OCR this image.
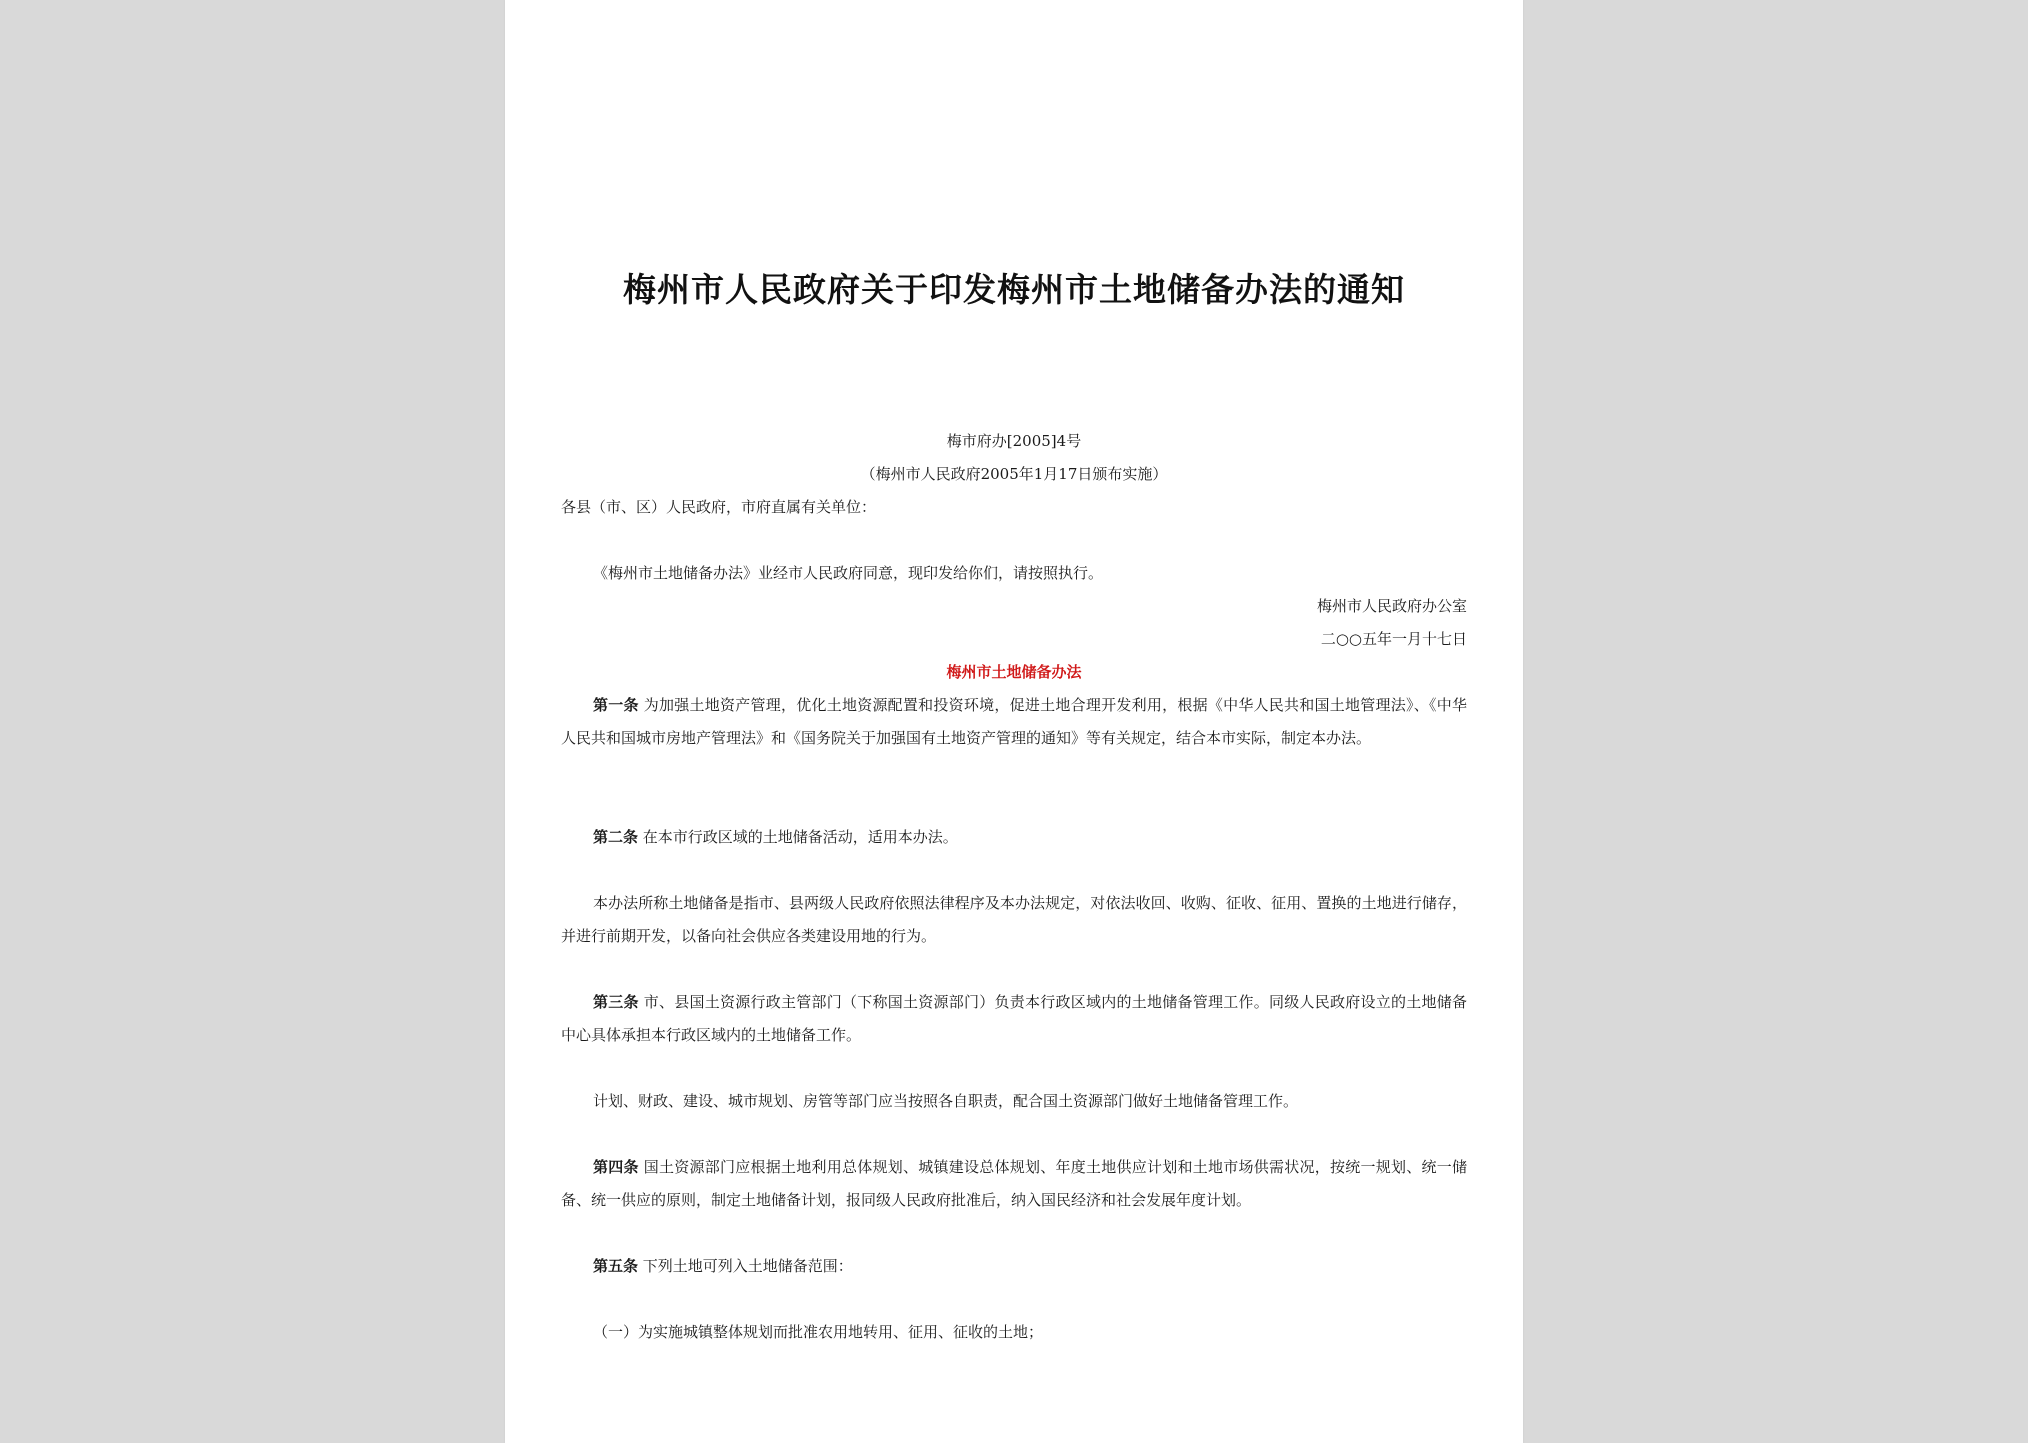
梅州市人民政府关于印发梅州市土地储备办法的通知
梅市府办[2005]4号
（梅州市人民政府2005年1月17日颁布实施）
各县（市、区）人民政府，市府直属有关单位：
《梅州市土地储备办法》业经市人民政府同意，现印发给你们，请按照执行。
梅州市人民政府办公室
二○○五年一月十七日
梅州市土地储备办法
第一条 为加强土地资产管理，优化土地资源配置和投资环境，促进土地合理开发利用，根据《中华人民共和国土地管理法》、《中华人民共和国城市房地产管理法》和《国务院关于加强国有土地资产管理的通知》等有关规定，结合本市实际，制定本办法。
第二条 在本市行政区域的土地储备活动，适用本办法。
本办法所称土地储备是指市、县两级人民政府依照法律程序及本办法规定，对依法收回、收购、征收、征用、置换的土地进行储存，并进行前期开发，以备向社会供应各类建设用地的行为。
第三条 市、县国土资源行政主管部门（下称国土资源部门）负责本行政区域内的土地储备管理工作。同级人民政府设立的土地储备中心具体承担本行政区域内的土地储备工作。
计划、财政、建设、城市规划、房管等部门应当按照各自职责，配合国土资源部门做好土地储备管理工作。
第四条 国土资源部门应根据土地利用总体规划、城镇建设总体规划、年度土地供应计划和土地市场供需状况，按统一规划、统一储备、统一供应的原则，制定土地储备计划，报同级人民政府批准后，纳入国民经济和社会发展年度计划。
第五条 下列土地可列入土地储备范围：
（一）为实施城镇整体规划而批准农用地转用、征用、征收的土地；
